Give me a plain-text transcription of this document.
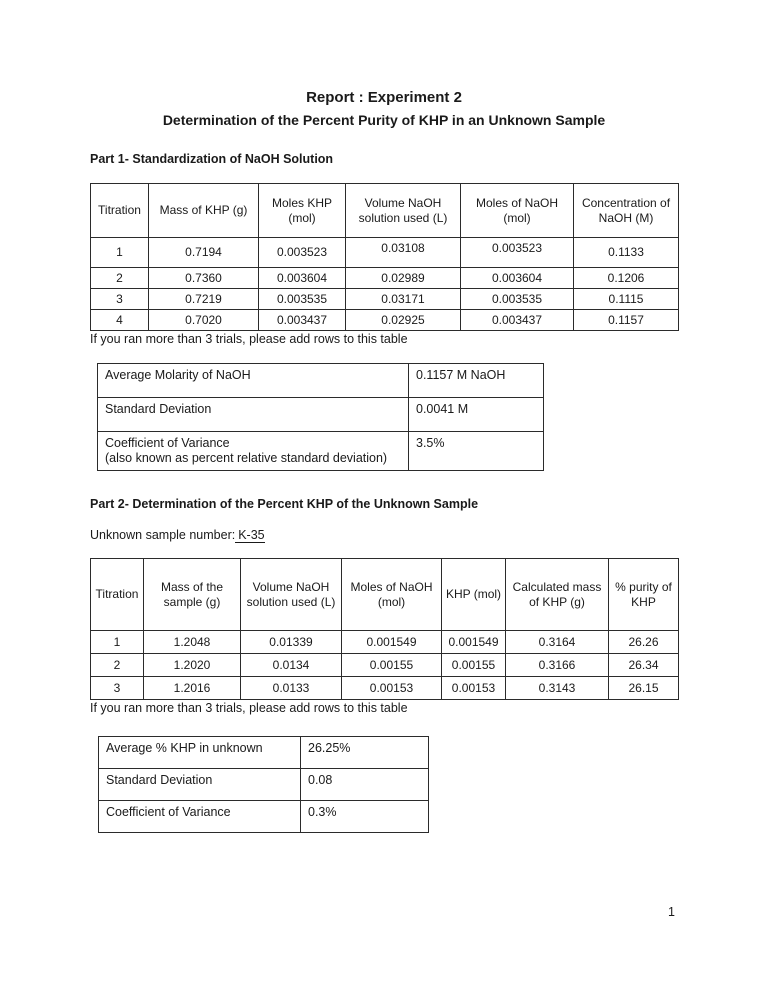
Report : Experiment 2
Determination of the Percent Purity of KHP in an Unknown Sample
Part 1- Standardization of NaOH Solution
Titration	Mass of KHP (g)	Moles KHP (mol)	Volume NaOH solution used (L)	Moles of NaOH (mol)	Concentration of NaOH (M)
1	0.7194	0.003523	0.03108	0.003523	0.1133
2	0.7360	0.003604	0.02989	0.003604	0.1206
3	0.7219	0.003535	0.03171	0.003535	0.1115
4	0.7020	0.003437	0.02925	0.003437	0.1157
If you ran more than 3 trials, please add rows to this table
Average Molarity of NaOH	0.1157 M NaOH
Standard Deviation	0.0041 M

Coefficient of Variance
(also known as percent relative standard deviation)	3.5%
Part 2- Determination of the Percent KHP of the Unknown Sample
Unknown sample number: K-35
Titration	Mass of the sample (g)	Volume NaOH solution used (L)	Moles of NaOH (mol)	KHP (mol)	Calculated mass of KHP (g)	% purity of KHP
1	1.2048	0.01339	0.001549	0.001549	0.3164	26.26
2	1.2020	0.0134	0.00155	0.00155	0.3166	26.34
3	1.2016	0.0133	0.00153	0.00153	0.3143	26.15
If you ran more than 3 trials, please add rows to this table
Average % KHP in unknown	26.25%
Standard Deviation	0.08
Coefficient of Variance	0.3%
1
